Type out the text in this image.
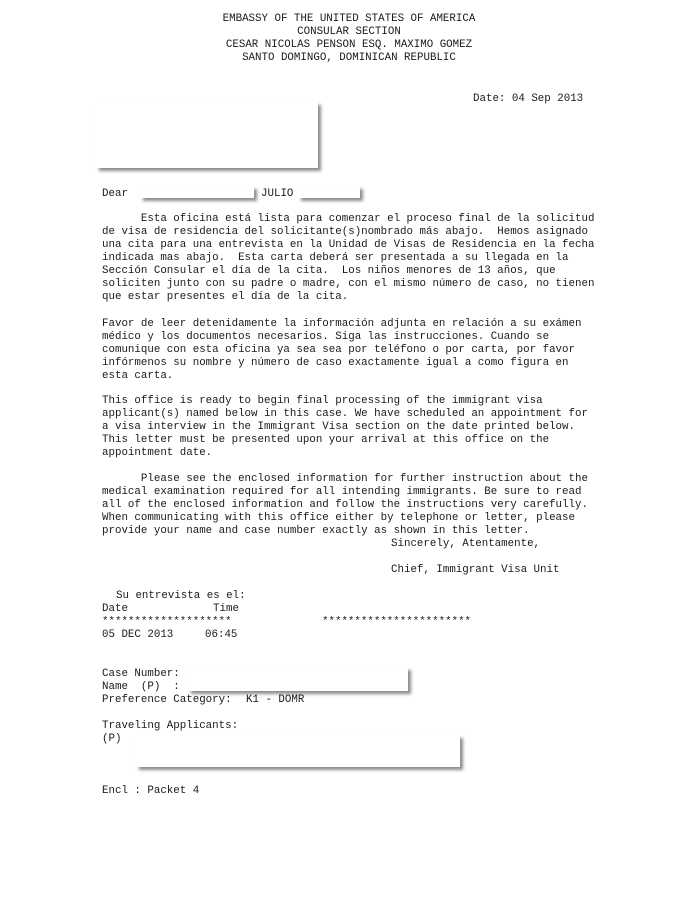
EMBASSY OF THE UNITED STATES OF AMERICA
CONSULAR SECTION
CESAR NICOLAS PENSON ESQ. MAXIMO GOMEZ
SANTO DOMINGO, DOMINICAN REPUBLIC
Date: 04 Sep 2013
Dear	JULIO
Esta oficina está lista para comenzar el proceso final de la solicitud
de visa de residencia del solicitante(s)nombrado más abajo.  Hemos asignado
una cita para una entrevista en la Unidad de Visas de Residencia en la fecha
indicada mas abajo.  Esta carta deberá ser presentada a su llegada en la
Sección Consular el día de la cita.  Los niños menores de 13 años, que
soliciten junto con su padre o madre, con el mismo número de caso, no tienen
que estar presentes el día de la cita.
Favor de leer detenidamente la información adjunta en relación a su exámen
médico y los documentos necesarios. Siga las instrucciones. Cuando se
comunique con esta oficina ya sea sea por teléfono o por carta, por favor
infórmenos su nombre y número de caso exactamente igual a como figura en
esta carta.
This office is ready to begin final processing of the immigrant visa
applicant(s) named below in this case. We have scheduled an appointment for
a visa interview in the Immigrant Visa section on the date printed below.
This letter must be presented upon your arrival at this office on the
appointment date.
Please see the enclosed information for further instruction about the
medical examination required for all intending immigrants. Be sure to read
all of the enclosed information and follow the instructions very carefully.
When communicating with this office either by telephone or letter, please
provide your name and case number exactly as shown in this letter.
Sincerely, Atentamente,
Chief, Immigrant Visa Unit
Su entrevista es el:
Date	Time
********************	***********************
05 DEC 2013	06:45
Case Number:
Name  (P)  :
Preference Category: K1 - DOMR
Traveling Applicants:
(P)
Encl : Packet 4
